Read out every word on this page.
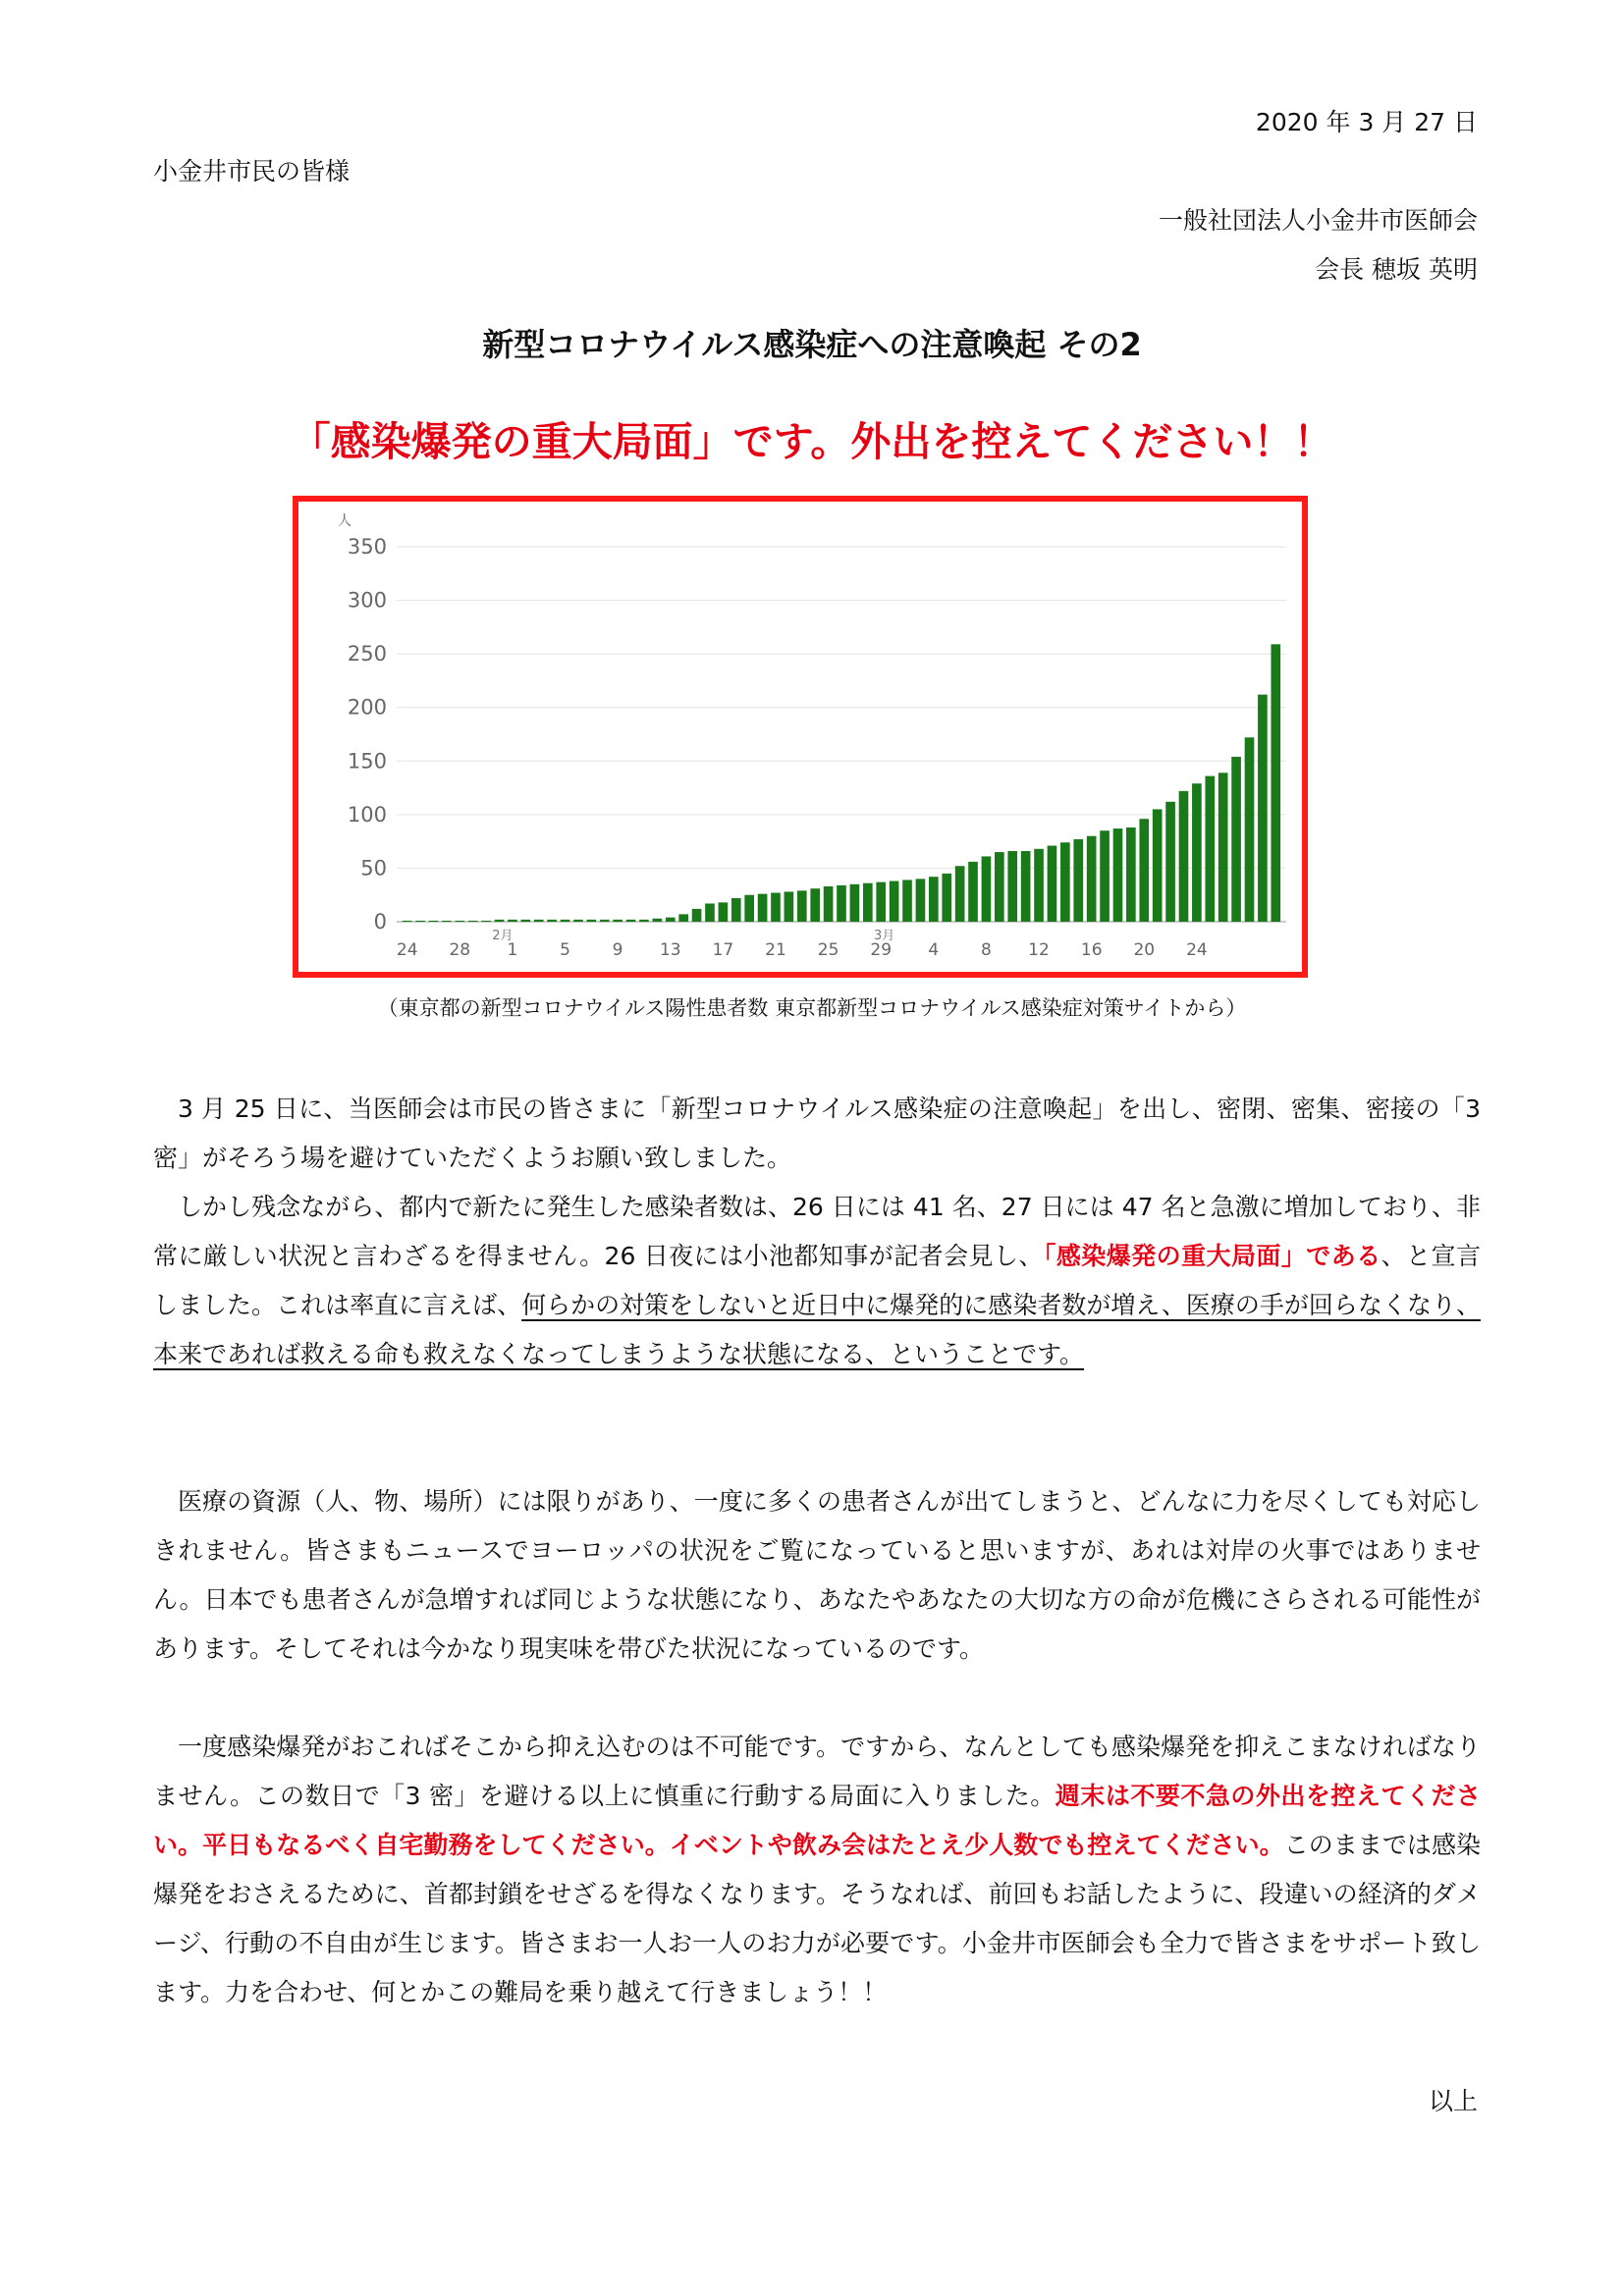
2020 年 3 月 27 日
小金井市民の皆様
一般社団法人小金井市医師会
会長 穂坂 英明
新型コロナウイルス感染症への注意喚起 その2
「感染爆発の重大局面」です。外出を控えてください！！
人
0
50
100
150
200
250
300
350
24 28 1	5	9 13 17 21 25 29 4	8 12 16 20 24
2月	3月
（東京都の新型コロナウイルス陽性患者数 東京都新型コロナウイルス感染症対策サイトから）

3 月 25 日に、当医師会は市民の皆さまに「新型コロナウイルス感染症の注意喚起」を出し、密閉、密集、密接の「3 密」がそろう場を避けていただくようお願い致しました。

しかし残念ながら、都内で新たに発生した感染者数は、26 日には 41 名、27 日には 47 名と急激に増加しており、非常に厳しい状況と言わざるを得ません。26 日夜には小池都知事が記者会見し、「感染爆発の重大局面」である、と宣言しました。これは率直に言えば、何らかの対策をしないと近日中に爆発的に感染者数が増え、医療の手が回らなくなり、本来であれば救える命も救えなくなってしまうような状態になる、ということです。

医療の資源（人、物、場所）には限りがあり、一度に多くの患者さんが出てしまうと、どんなに力を尽くしても対応しきれません。皆さまもニュースでヨーロッパの状況をご覧になっていると思いますが、あれは対岸の火事ではありません。日本でも患者さんが急増すれば同じような状態になり、あなたやあなたの大切な方の命が危機にさらされる可能性があります。そしてそれは今かなり現実味を帯びた状況になっているのです。

一度感染爆発がおこればそこから抑え込むのは不可能です。ですから、なんとしても感染爆発を抑えこまなければなりません。この数日で「3 密」を避ける以上に慎重に行動する局面に入りました。週末は不要不急の外出を控えてください。平日もなるべく自宅勤務をしてください。イベントや飲み会はたとえ少人数でも控えてください。このままでは感染爆発をおさえるために、首都封鎖をせざるを得なくなります。そうなれば、前回もお話したように、段違いの経済的ダメージ、行動の不自由が生じます。皆さまお一人お一人のお力が必要です。小金井市医師会も全力で皆さまをサポート致します。力を合わせ、何とかこの難局を乗り越えて行きましょう！！

以上
